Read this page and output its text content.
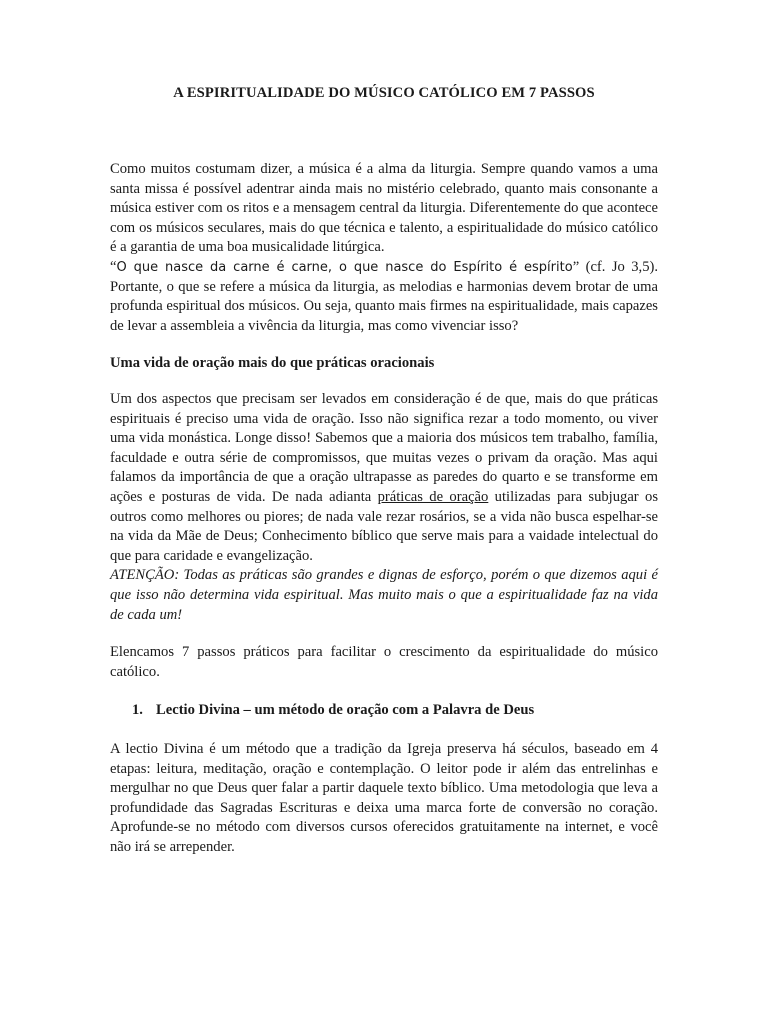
A ESPIRITUALIDADE DO MÚSICO CATÓLICO EM 7 PASSOS

Como muitos costumam dizer, a música é a alma da liturgia. Sempre quando vamos a uma santa missa é possível adentrar ainda mais no mistério celebrado, quanto mais consonante a música estiver com os ritos e a mensagem central da liturgia. Diferentemente do que acontece com os músicos seculares, mais do que técnica e talento, a espiritualidade do músico católico é a garantia de uma boa musicalidade litúrgica.

“O que nasce da carne é carne, o que nasce do Espírito é espírito” (cf. Jo 3,5). Portante, o que se refere a música da liturgia, as melodias e harmonias devem brotar de uma profunda espiritual dos músicos. Ou seja, quanto mais firmes na espiritualidade, mais capazes de levar a assembleia a vivência da liturgia, mas como vivenciar isso?

Uma vida de oração mais do que práticas oracionais

Um dos aspectos que precisam ser levados em consideração é de que, mais do que práticas espirituais é preciso uma vida de oração. Isso não significa rezar a todo momento, ou viver uma vida monástica. Longe disso! Sabemos que a maioria dos músicos tem trabalho, família, faculdade e outra série de compromissos, que muitas vezes o privam da oração. Mas aqui falamos da importância de que a oração ultrapasse as paredes do quarto e se transforme em ações e posturas de vida. De nada adianta práticas de oração utilizadas para subjugar os outros como melhores ou piores; de nada vale rezar rosários, se a vida não busca espelhar-se na vida da Mãe de Deus; Conhecimento bíblico que serve mais para a vaidade intelectual do que para caridade e evangelização.

ATENÇÃO: Todas as práticas são grandes e dignas de esforço, porém o que dizemos aqui é que isso não determina vida espiritual. Mas muito mais o que a espiritualidade faz na vida de cada um!

Elencamos 7 passos práticos para facilitar o crescimento da espiritualidade do músico católico.
1. Lectio Divina – um método de oração com a Palavra de Deus
A lectio Divina é um método que a tradição da Igreja preserva há séculos, baseado em 4 etapas: leitura, meditação, oração e contemplação. O leitor pode ir além das entrelinhas e mergulhar no que Deus quer falar a partir daquele texto bíblico. Uma metodologia que leva a profundidade das Sagradas Escrituras e deixa uma marca forte de conversão no coração. Aprofunde-se no método com diversos cursos oferecidos gratuitamente na internet, e você não irá se arrepender.
